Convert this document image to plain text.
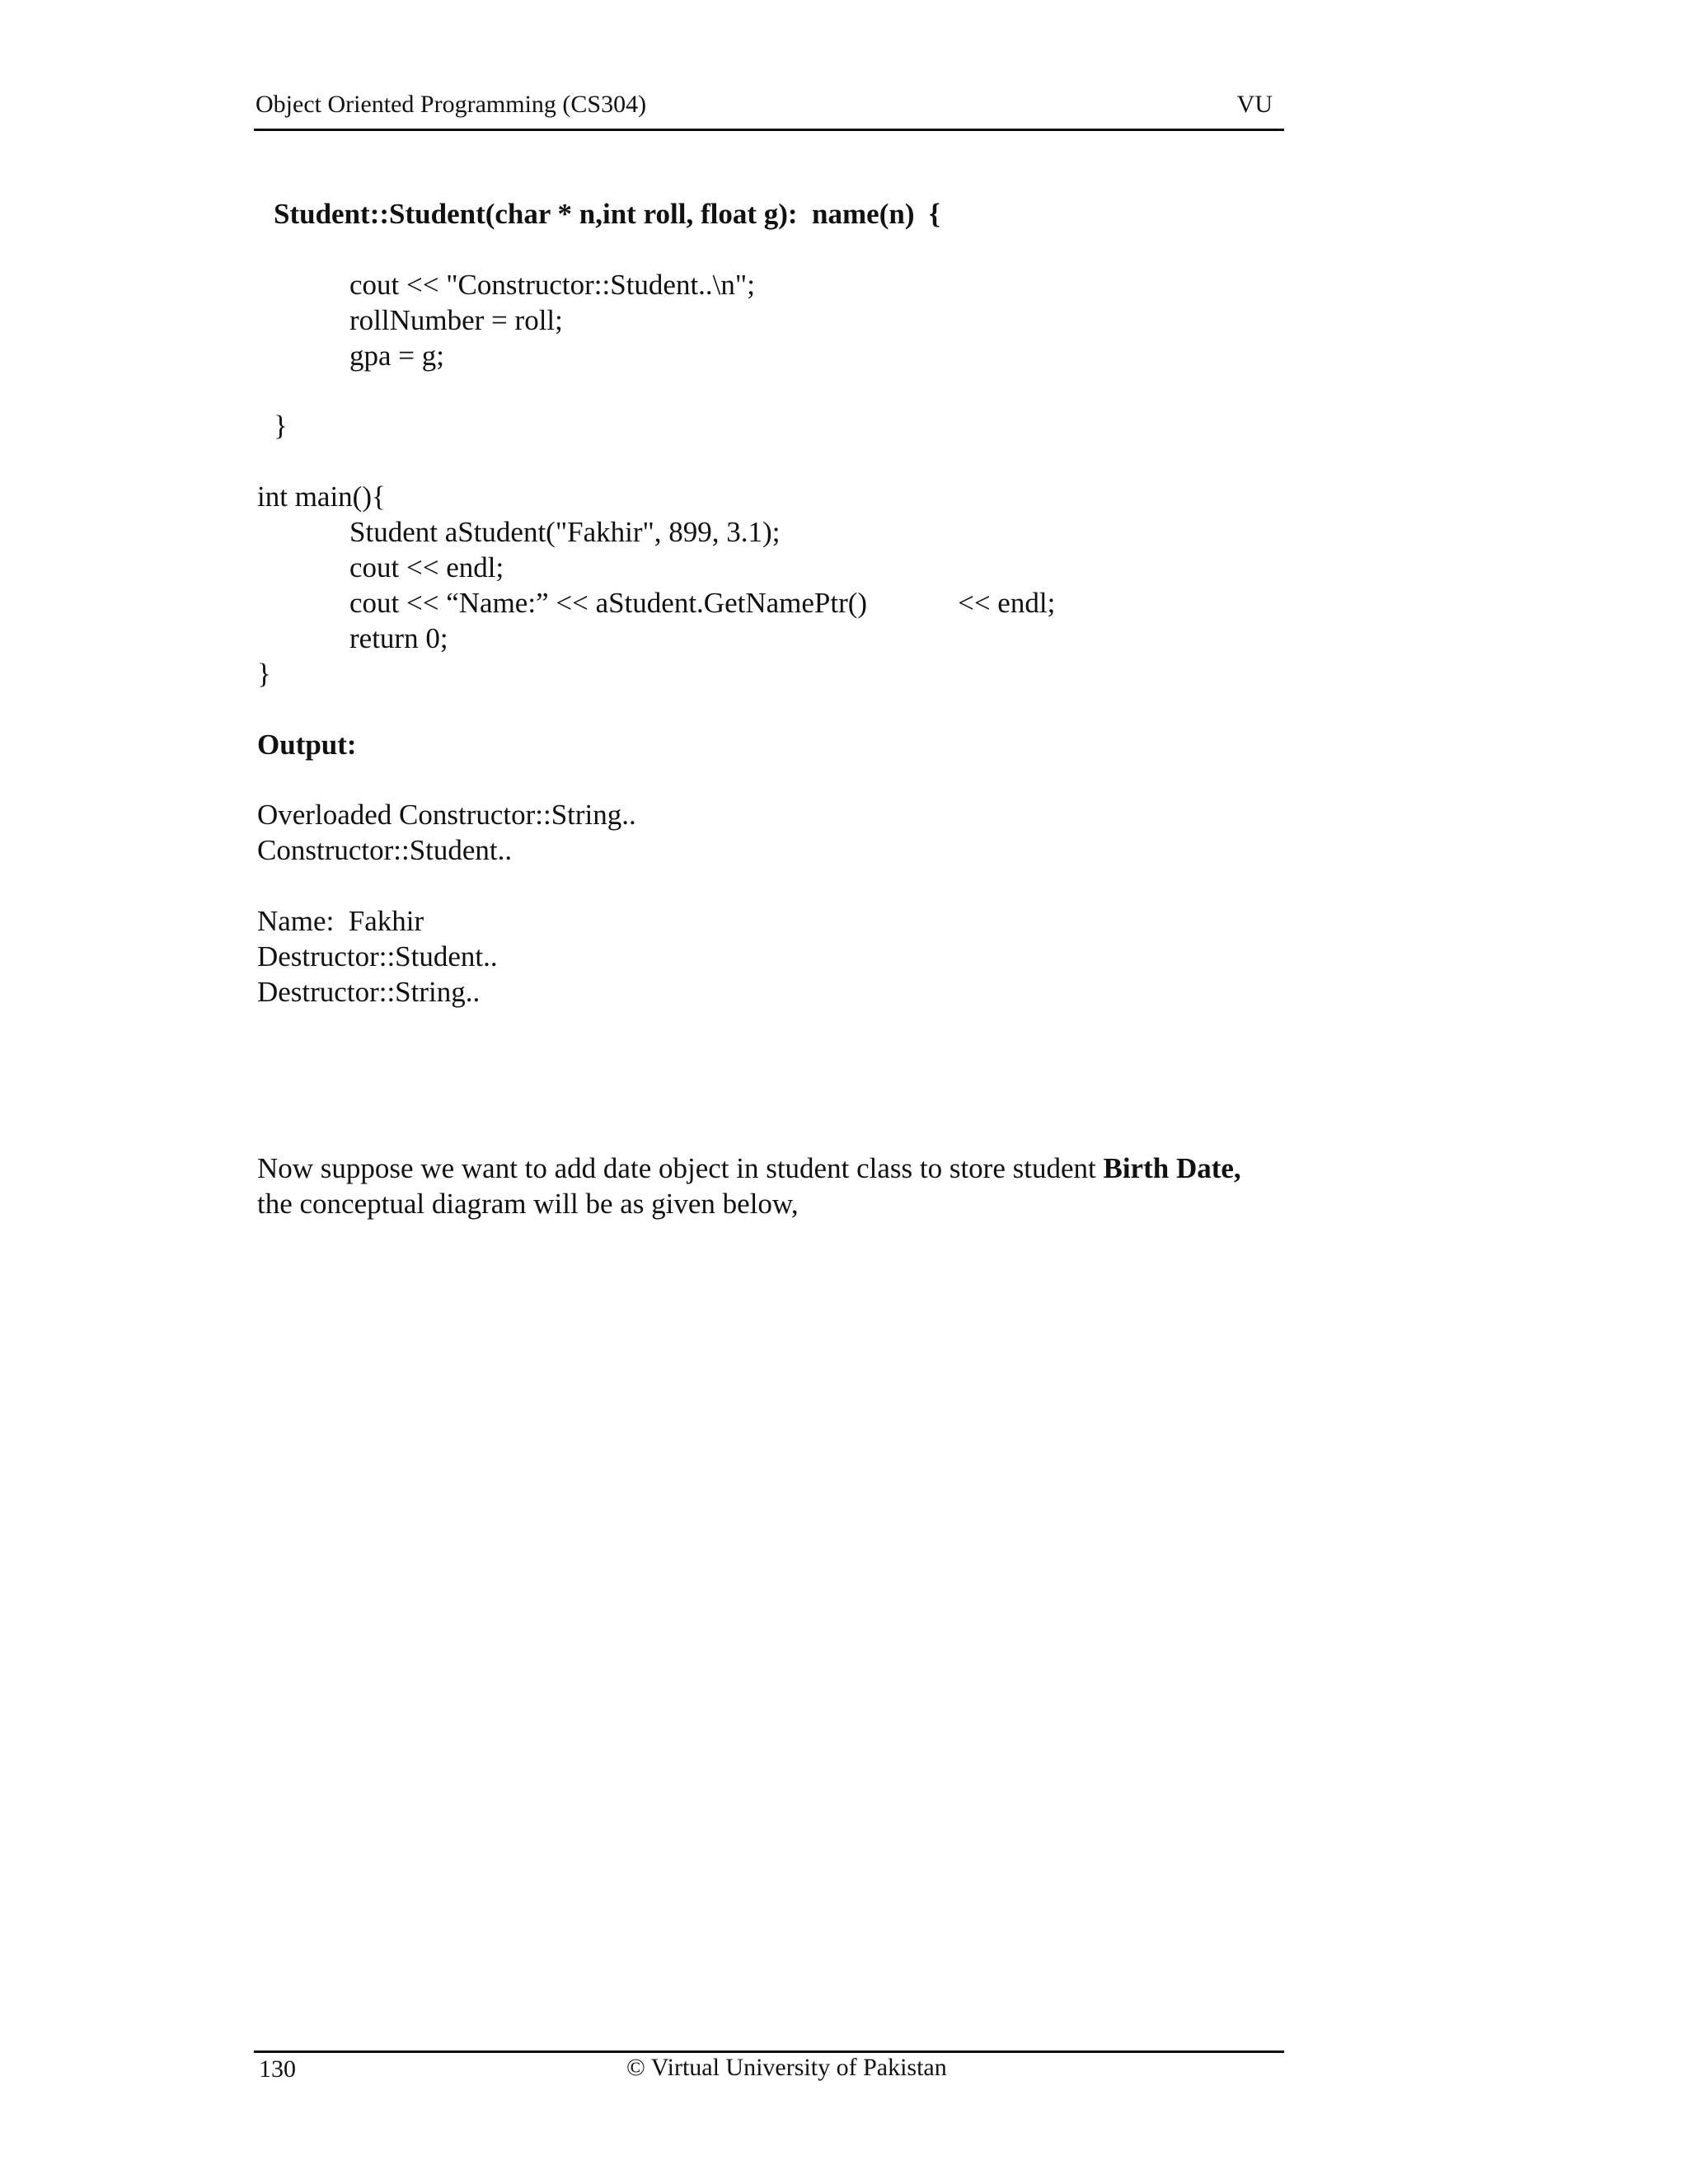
Object Oriented Programming (CS304)	VU
Student::Student(char * n,int roll, float g):  name(n)  {
cout << "Constructor::Student..\n";
rollNumber = roll;
gpa = g;
}
int main(){
Student aStudent("Fakhir", 899, 3.1);
cout << endl;
cout << “Name:” << aStudent.GetNamePtr()	<< endl;
return 0;
}
Output:
Overloaded Constructor::String..
Constructor::Student..
Name:  Fakhir
Destructor::Student..
Destructor::String..
Now suppose we want to add date object in student class to store student Birth Date,
the conceptual diagram will be as given below,
130	© Virtual University of Pakistan
